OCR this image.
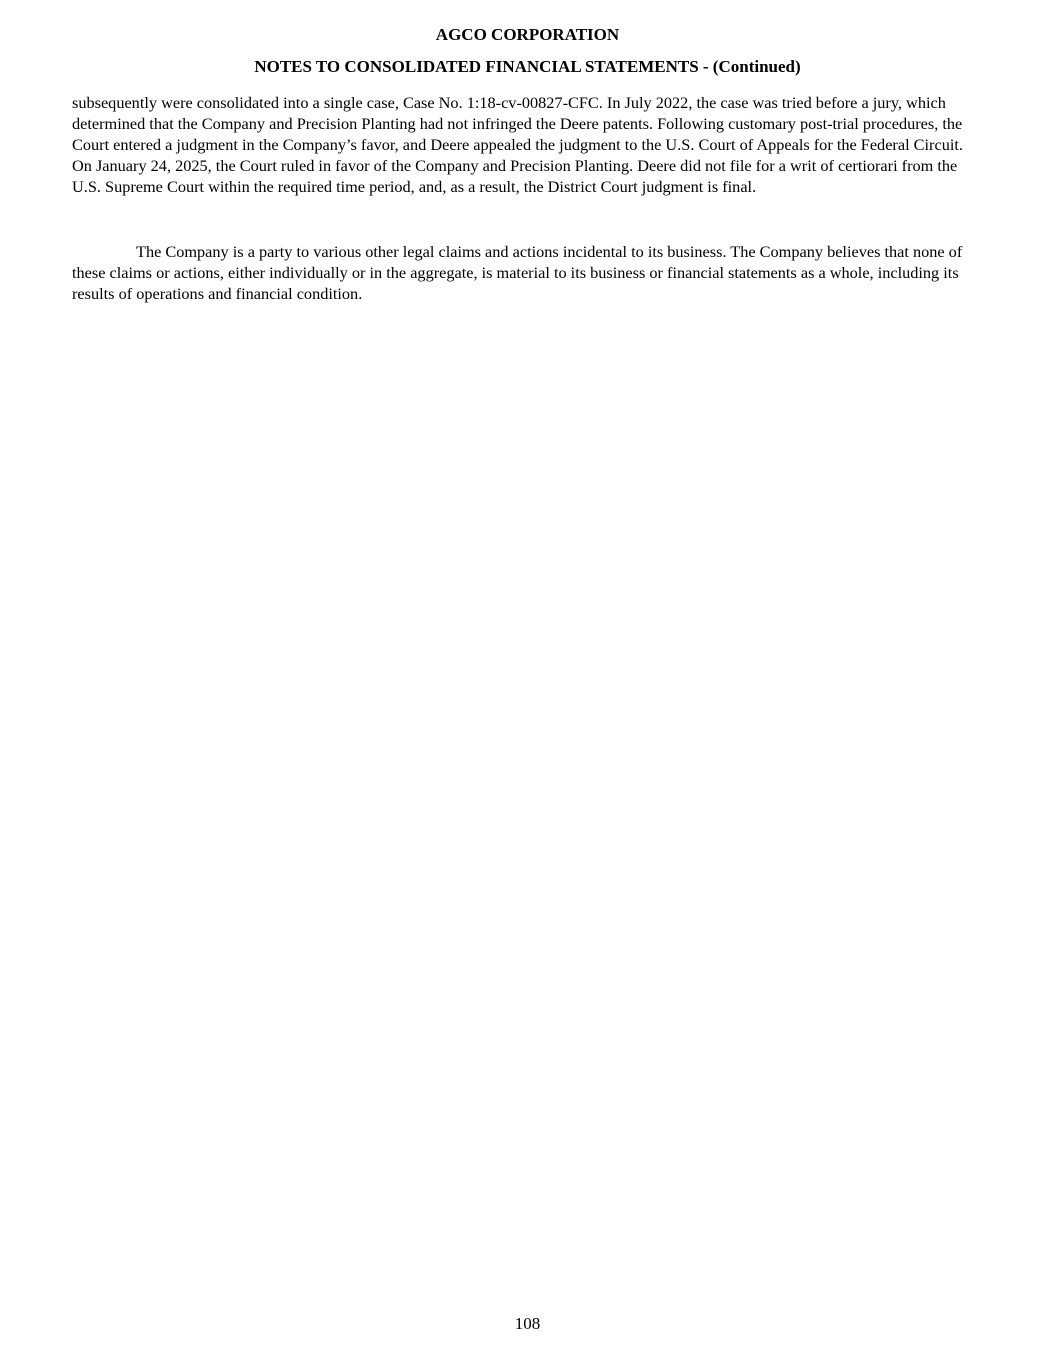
AGCO CORPORATION
NOTES TO CONSOLIDATED FINANCIAL STATEMENTS - (Continued)

subsequently were consolidated into a single case, Case No. 1:18-cv-00827-CFC. In July 2022, the case was tried before a jury, which determined that the Company and Precision Planting had not infringed the Deere patents. Following customary post-trial procedures, the Court entered a judgment in the Company’s favor, and Deere appealed the judgment to the U.S. Court of Appeals for the Federal Circuit. On January 24, 2025, the Court ruled in favor of the Company and Precision Planting. Deere did not file for a writ of certiorari from the U.S. Supreme Court within the required time period, and, as a result, the District Court judgment is final.

The Company is a party to various other legal claims and actions incidental to its business. The Company believes that none of these claims or actions, either individually or in the aggregate, is material to its business or financial statements as a whole, including its results of operations and financial condition.

108
